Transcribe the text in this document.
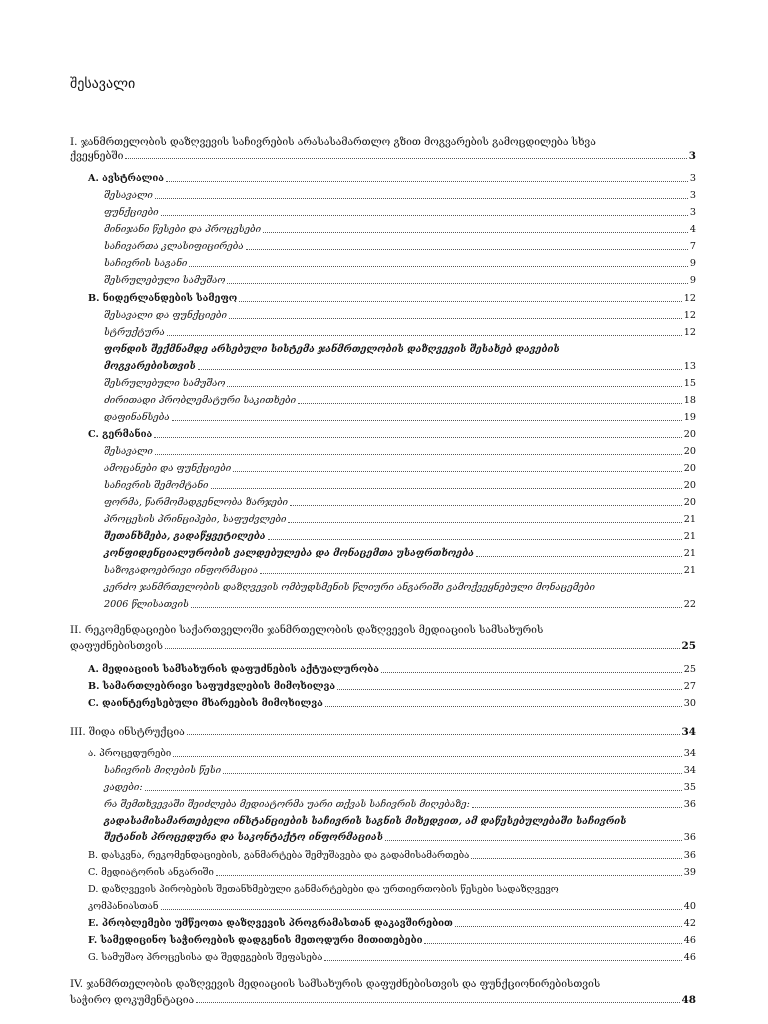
შესავალი
I. ჯანმრთელობის დაზღვევის საჩივრების არასასამართლო გზით მოგვარების გამოცდილება სხვა
ქვეყნებში	3
A. ავსტრალია	3
შესავალი	3
ფუნქციები	3
მინიჯანი წესები და პროცესები	4
საჩივართა კლასიფიცირება	7
საჩივრის საგანი	9
შესრულებული სამუშაო	9
B. ნიდერლანდების სამეფო	12
შესავალი და ფუნქციები	12
სტრუქტურა	12
ფონდის შექმნამდე არსებული სისტემა ჯანმრთელობის დაზღვევის შესახებ დავების
მოგვარებისთვის	13
შესრულებული სამუშაო	15
ძირითადი პრობლემატური საკითხები	18
დაფინანსება	19
C. გერმანია	20
შესავალი	20
ამოცანები და ფუნქციები	20
საჩივრის შემომტანი	20
ფორმა, წარმომადგენლობა ზარჯები	20
პროცესის პრინციპები, საფუძვლები	21
შეთანხმება, გადაწყვეტილება	21
კონფიდენციალურობის ვალდებულება და მონაცემთა უსაფრთხოება	21
საზოგადოებრივი ინფორმაცია	21
კერძო ჯანმრთელობის დაზღვევის ომბუდსმენის წლიური ანგარიში გამოქვეყნებული მონაცემები
2006 წლისათვის	22
II. რეკომენდაციები საქართველოში ჯანმრთელობის დაზღვევის მედიაციის სამსახურის
დაფუძნებისთვის	25
A. მედიაციის სამსახურის დაფუძნების აქტუალურობა	25
B. სამართლებრივი საფუძვლების მიმოხილვა	27
C. დაინტერესებული მხარეების მიმოხილვა	30
III. შიდა ინსტრუქცია	34
ა. პროცედურები	34
საჩივრის მიღების წესი	34
ვადები:	35
რა შემთხვევაში შეიძლება მედიატორმა უარი თქვას საჩივრის მიღებაზე:	36
გადასამისამართებელი ინსტანციების საჩივრის საგნის მიხედვით, ამ დაწესებულებაში საჩივრის
შეტანის პროცედურა და საკონტაქტო ინფორმაციას	36
B. დასკვნა, რეკომენდაციების, განმარტება შემუშავება და გადამისამართება	36
C. მედიატორის ანგარიში	39
D. დაზღვევის პირობების შეთანხმებული განმარტებები და ურთიერთობის წესები სადაზღვევო
კომპანიასთან	40
E. პრობლემები უმწეოთა დაზღვევის პროგრამასთან დაკავშირებით	42
F. სამედიცინო საჭიროების დადგენის მეთოდური მითითებები	46
G. სამუშაო პროცესისა და შედეგების შეფასება	46
IV. ჯანმრთელობის დაზღვევის მედიაციის სამსახურის დაფუძნებისთვის და ფუნქციონირებისთვის
საჭირო დოკუმენტაცია	48
